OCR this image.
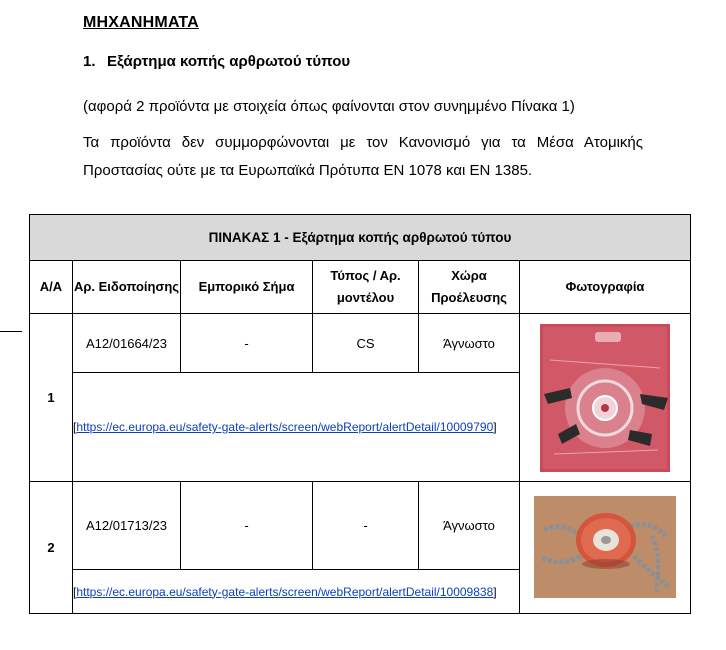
ΜΗΧΑΝΗΜΑΤΑ
1. Εξάρτημα κοπής αρθρωτού τύπου
(αφορά 2 προϊόντα με στοιχεία όπως φαίνονται στον συνημμένο Πίνακα 1)
Τα προϊόντα δεν συμμορφώνονται με τον Κανονισμό για τα Μέσα Ατομικής Προστασίας ούτε με τα Ευρωπαϊκά Πρότυπα ΕΝ 1078 και ΕΝ 1385.
ΠΙΝΑΚΑΣ 1 - Εξάρτημα κοπής αρθρωτού τύπου					
Α/Α	Αρ. Ειδοποίησης	Εμπορικό Σήμα	Τύπος / Αρ. μοντέλου	Χώρα Προέλευσης	Φωτογραφία
1	A12/01664/23	-	CS	Άγνωστο	

	[https://ec.europa.eu/safety-gate-alerts/screen/webReport/alertDetail/10009790]				
2	A12/01713/23	-	-	Άγνωστο	

	[https://ec.europa.eu/safety-gate-alerts/screen/webReport/alertDetail/10009838]				
